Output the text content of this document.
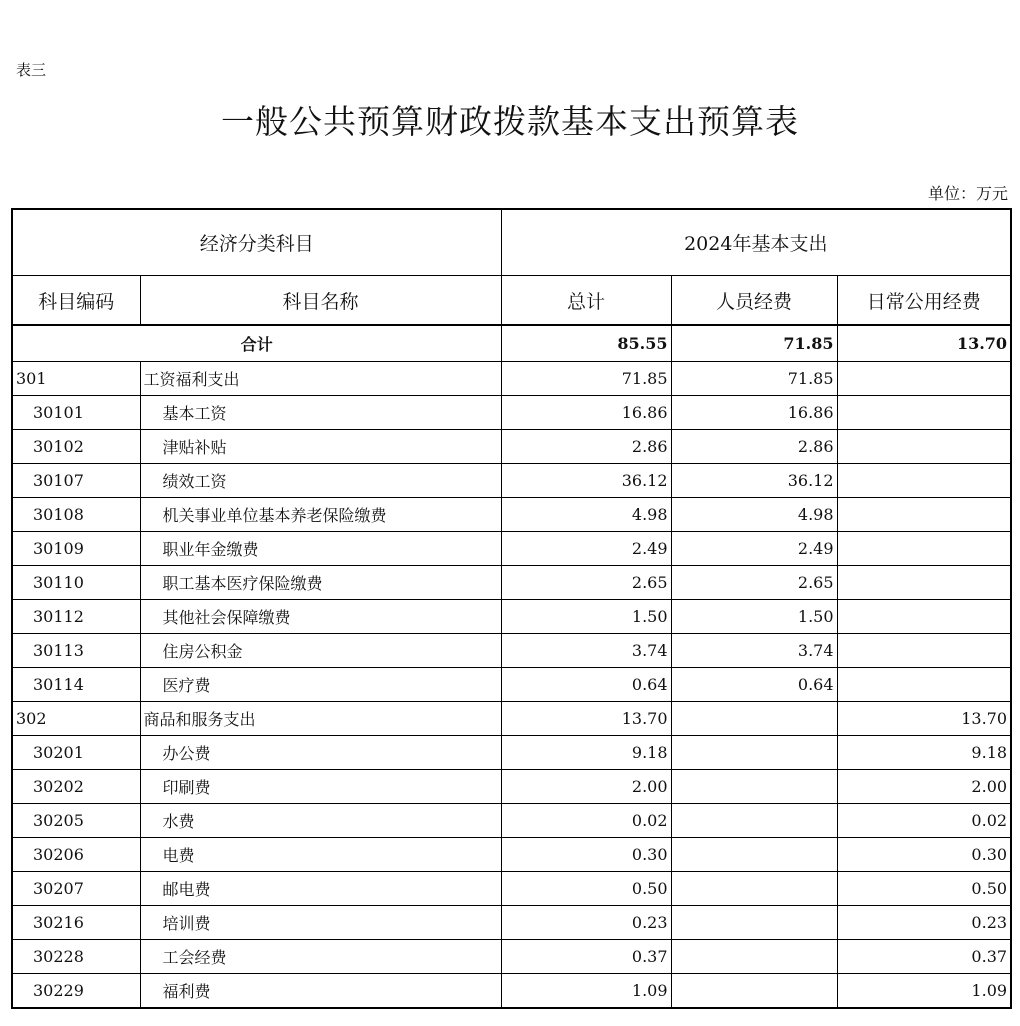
表三
一般公共预算财政拨款基本支出预算表
单位：万元
经济分类科目		2024年基本支出		
科目编码	科目名称	总计	人员经费	日常公用经费
合计		85.55	71.85	13.70
301	工资福利支出	71.85	71.85	
30101	基本工资	16.86	16.86	
30102	津贴补贴	2.86	2.86	
30107	绩效工资	36.12	36.12	
30108	机关事业单位基本养老保险缴费	4.98	4.98	
30109	职业年金缴费	2.49	2.49	
30110	职工基本医疗保险缴费	2.65	2.65	
30112	其他社会保障缴费	1.50	1.50	
30113	住房公积金	3.74	3.74	
30114	医疗费	0.64	0.64	
302	商品和服务支出	13.70		13.70
30201	办公费	9.18		9.18
30202	印刷费	2.00		2.00
30205	水费	0.02		0.02
30206	电费	0.30		0.30
30207	邮电费	0.50		0.50
30216	培训费	0.23		0.23
30228	工会经费	0.37		0.37
30229	福利费	1.09		1.09
